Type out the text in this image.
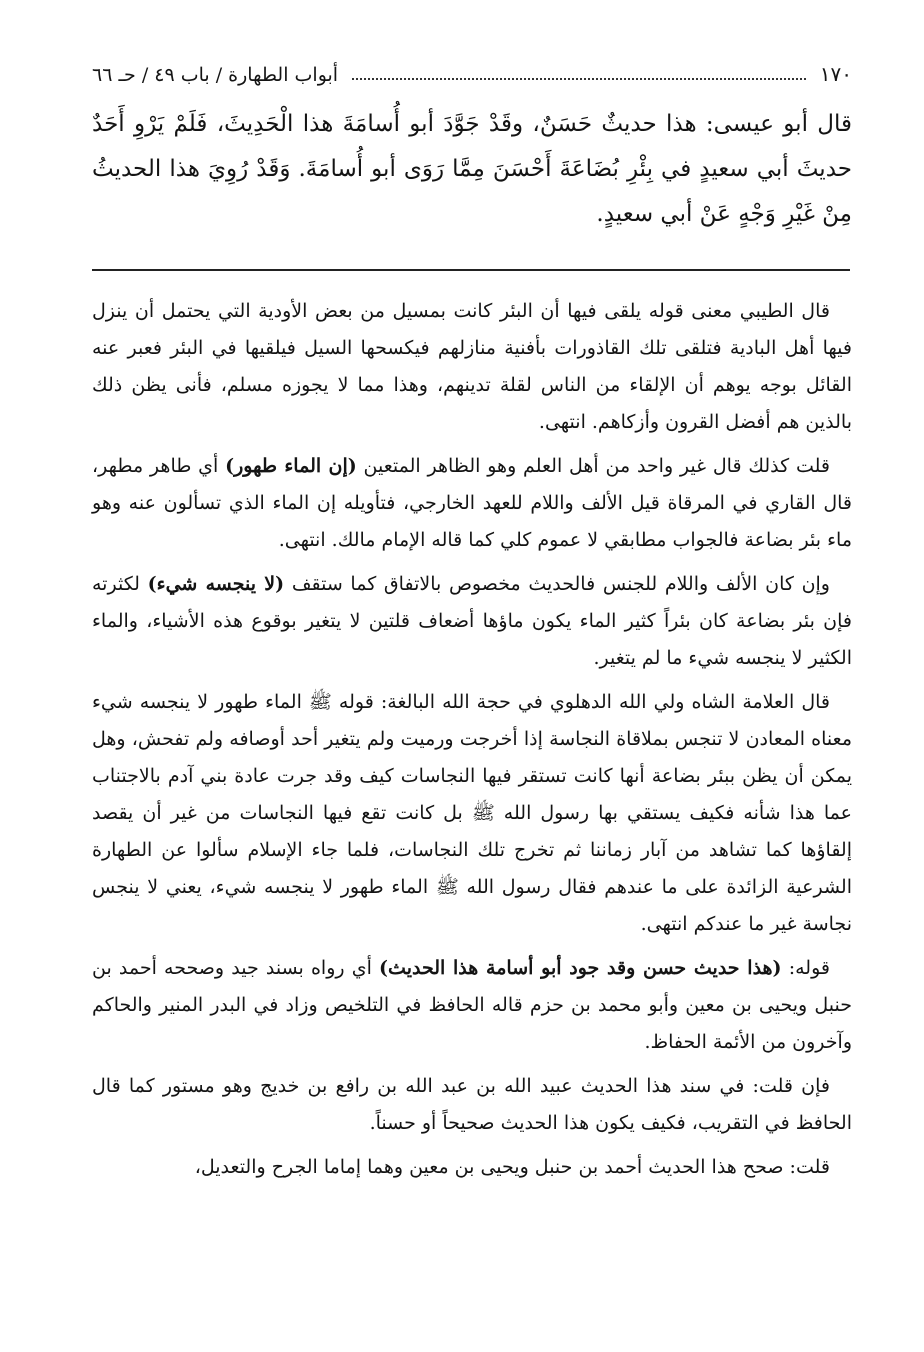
١٧٠
أبواب الطهارة / باب ٤٩ / حـ ٦٦

قال أبو عيسى: هذا حديثٌ حَسَنٌ، وقَدْ جَوَّدَ أبو أُسامَةَ هذا الْحَدِيثَ، فَلَمْ يَرْوِ أَحَدٌ حديثَ أبي سعيدٍ في بِئْرِ بُضَاعَةَ أَحْسَنَ مِمَّا رَوَى أبو أُسامَةَ. وَقَدْ رُوِيَ هذا الحديثُ مِنْ غَيْرِ وَجْهٍ عَنْ أبي سعيدٍ.

قال الطيبي معنى قوله يلقى فيها أن البئر كانت بمسيل من بعض الأودية التي يحتمل أن ينزل فيها أهل البادية فتلقى تلك القاذورات بأفنية منازلهم فيكسحها السيل فيلقيها في البئر فعبر عنه القائل بوجه يوهم أن الإلقاء من الناس لقلة تدينهم، وهذا مما لا يجوزه مسلم، فأنى يظن ذلك بالذين هم أفضل القرون وأزكاهم. انتهى.

قلت كذلك قال غير واحد من أهل العلم وهو الظاهر المتعين (إن الماء طهور) أي طاهر مطهر، قال القاري في المرقاة قيل الألف واللام للعهد الخارجي، فتأويله إن الماء الذي تسألون عنه وهو ماء بئر بضاعة فالجواب مطابقي لا عموم كلي كما قاله الإمام مالك. انتهى.

وإن كان الألف واللام للجنس فالحديث مخصوص بالاتفاق كما ستقف (لا ينجسه شيء) لكثرته فإن بئر بضاعة كان بئراً كثير الماء يكون ماؤها أضعاف قلتين لا يتغير بوقوع هذه الأشياء، والماء الكثير لا ينجسه شيء ما لم يتغير.

قال العلامة الشاه ولي الله الدهلوي في حجة الله البالغة: قوله ﷺ الماء طهور لا ينجسه شيء معناه المعادن لا تنجس بملاقاة النجاسة إذا أخرجت ورميت ولم يتغير أحد أوصافه ولم تفحش، وهل يمكن أن يظن ببئر بضاعة أنها كانت تستقر فيها النجاسات كيف وقد جرت عادة بني آدم بالاجتناب عما هذا شأنه فكيف يستقي بها رسول الله ﷺ بل كانت تقع فيها النجاسات من غير أن يقصد إلقاؤها كما تشاهد من آبار زماننا ثم تخرج تلك النجاسات، فلما جاء الإسلام سألوا عن الطهارة الشرعية الزائدة على ما عندهم فقال رسول الله ﷺ الماء طهور لا ينجسه شيء، يعني لا ينجس نجاسة غير ما عندكم انتهى.

قوله: (هذا حديث حسن وقد جود أبو أسامة هذا الحديث) أي رواه بسند جيد وصححه أحمد بن حنبل ويحيى بن معين وأبو محمد بن حزم قاله الحافظ في التلخيص وزاد في البدر المنير والحاكم وآخرون من الأئمة الحفاظ.

فإن قلت: في سند هذا الحديث عبيد الله بن عبد الله بن رافع بن خديج وهو مستور كما قال الحافظ في التقريب، فكيف يكون هذا الحديث صحيحاً أو حسناً.

قلت: صحح هذا الحديث أحمد بن حنبل ويحيى بن معين وهما إماما الجرح والتعديل،
